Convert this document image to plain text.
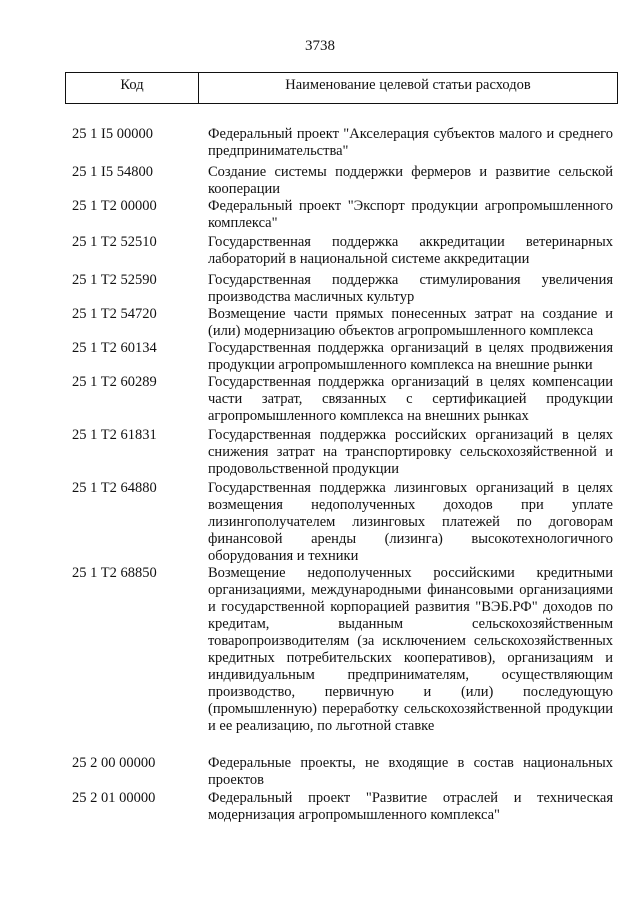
3738
Код	Наименование целевой статьи расходов
25 1 I5 00000	Федеральный проект "Акселерация субъектов малого и среднего предпринимательства"
25 1 I5 54800	Создание системы поддержки фермеров и развитие сельской кооперации
25 1 T2 00000	Федеральный проект "Экспорт продукции агропромышленного комплекса"
25 1 T2 52510	Государственная поддержка аккредитации ветеринарных лабораторий в национальной системе аккредитации
25 1 T2 52590	Государственная поддержка стимулирования увеличения производства масличных культур
25 1 T2 54720	Возмещение части прямых понесенных затрат на создание и (или) модернизацию объектов агропромышленного комплекса
25 1 T2 60134	Государственная поддержка организаций в целях продвижения продукции агропромышленного комплекса на внешние рынки
25 1 T2 60289	Государственная поддержка организаций в целях компенсации части затрат, связанных с сертификацией продукции агропромышленного комплекса на внешних рынках
25 1 T2 61831	Государственная поддержка российских организаций в целях снижения затрат на транспортировку сельскохозяйственной и продовольственной продукции
25 1 T2 64880	Государственная поддержка лизинговых организаций в целях возмещения недополученных доходов при уплате лизингополучателем лизинговых платежей по договорам финансовой аренды (лизинга) высокотехнологичного оборудования и техники
25 1 T2 68850	Возмещение недополученных российскими кредитными организациями, международными финансовыми организациями и государственной корпорацией развития "ВЭБ.РФ" доходов по кредитам, выданным сельскохозяйственным товаропроизводителям (за исключением сельскохозяйственных кредитных потребительских кооперативов), организациям и индивидуальным предпринимателям, осуществляющим производство, первичную и (или) последующую (промышленную) переработку сельскохозяйственной продукции и ее реализацию, по льготной ставке
25 2 00 00000	Федеральные проекты, не входящие в состав национальных проектов
25 2 01 00000	Федеральный проект "Развитие отраслей и техническая модернизация агропромышленного комплекса"
